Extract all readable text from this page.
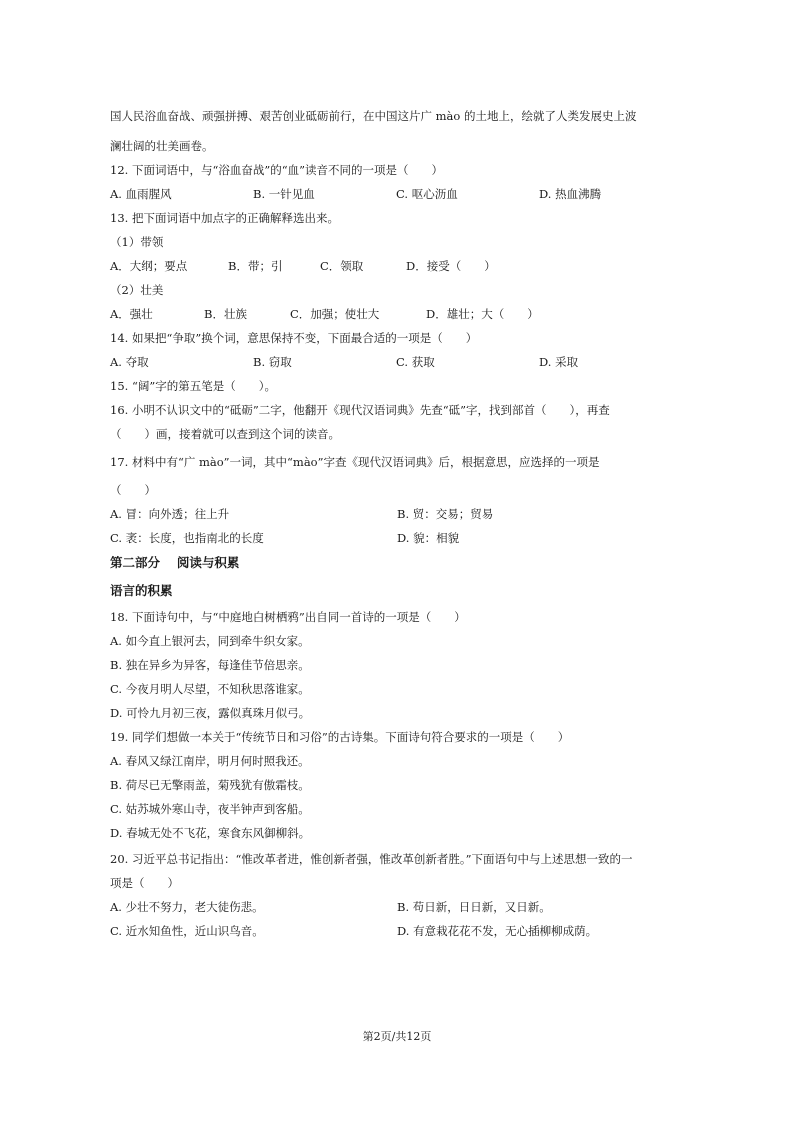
国人民浴血奋战、顽强拼搏、艰苦创业砥砺前行，在中国这片广 mào 的土地上，绘就了人类发展史上波
澜壮阔的壮美画卷。
12. 下面词语中，与“浴血奋战”的“血”读音不同的一项是（　　）
A. 血雨腥风	B. 一针见血	C. 呕心沥血	D. 热血沸腾
13. 把下面词语中加点字的正确解释选出来。
（1）带领
A．大纲；要点	B．带；引	C．领取	D．接受（　　）
（2）壮美
A．强壮	B．壮族	C．加强；使壮大	D．雄壮；大（　　）
14. 如果把“争取”换个词，意思保持不变，下面最合适的一项是（　　）
A. 夺取	B. 窃取	C. 获取	D. 采取
15. “阔”字的第五笔是（　　）。
16. 小明不认识文中的“砥砺”二字，他翻开《现代汉语词典》先查“砥”字，找到部首（　　），再查
（　　）画，接着就可以查到这个词的读音。
17. 材料中有“广 mào”一词，其中“mào”字查《现代汉语词典》后，根据意思，应选择的一项是
（　　）
A. 冒：向外透；往上升	B. 贸：交易；贸易
C. 袤：长度，也指南北的长度	D. 貌：相貌
第二部分　 阅读与积累
语言的积累
18. 下面诗句中，与“中庭地白树栖鸦”出自同一首诗的一项是（　　）
A. 如今直上银河去，同到牵牛织女家。
B. 独在异乡为异客，每逢佳节倍思亲。
C. 今夜月明人尽望，不知秋思落谁家。
D. 可怜九月初三夜，露似真珠月似弓。
19. 同学们想做一本关于“传统节日和习俗”的古诗集。下面诗句符合要求的一项是（　　）
A. 春风又绿江南岸，明月何时照我还。
B. 荷尽已无擎雨盖，菊残犹有傲霜枝。
C. 姑苏城外寒山寺，夜半钟声到客船。
D. 春城无处不飞花，寒食东风御柳斜。
20. 习近平总书记指出：“惟改革者进，惟创新者强，惟改革创新者胜。”下面语句中与上述思想一致的一
项是（　　）
A. 少壮不努力，老大徒伤悲。	B. 苟日新，日日新，又日新。
C. 近水知鱼性，近山识鸟音。	D. 有意栽花花不发，无心插柳柳成荫。
第2页/共12页
